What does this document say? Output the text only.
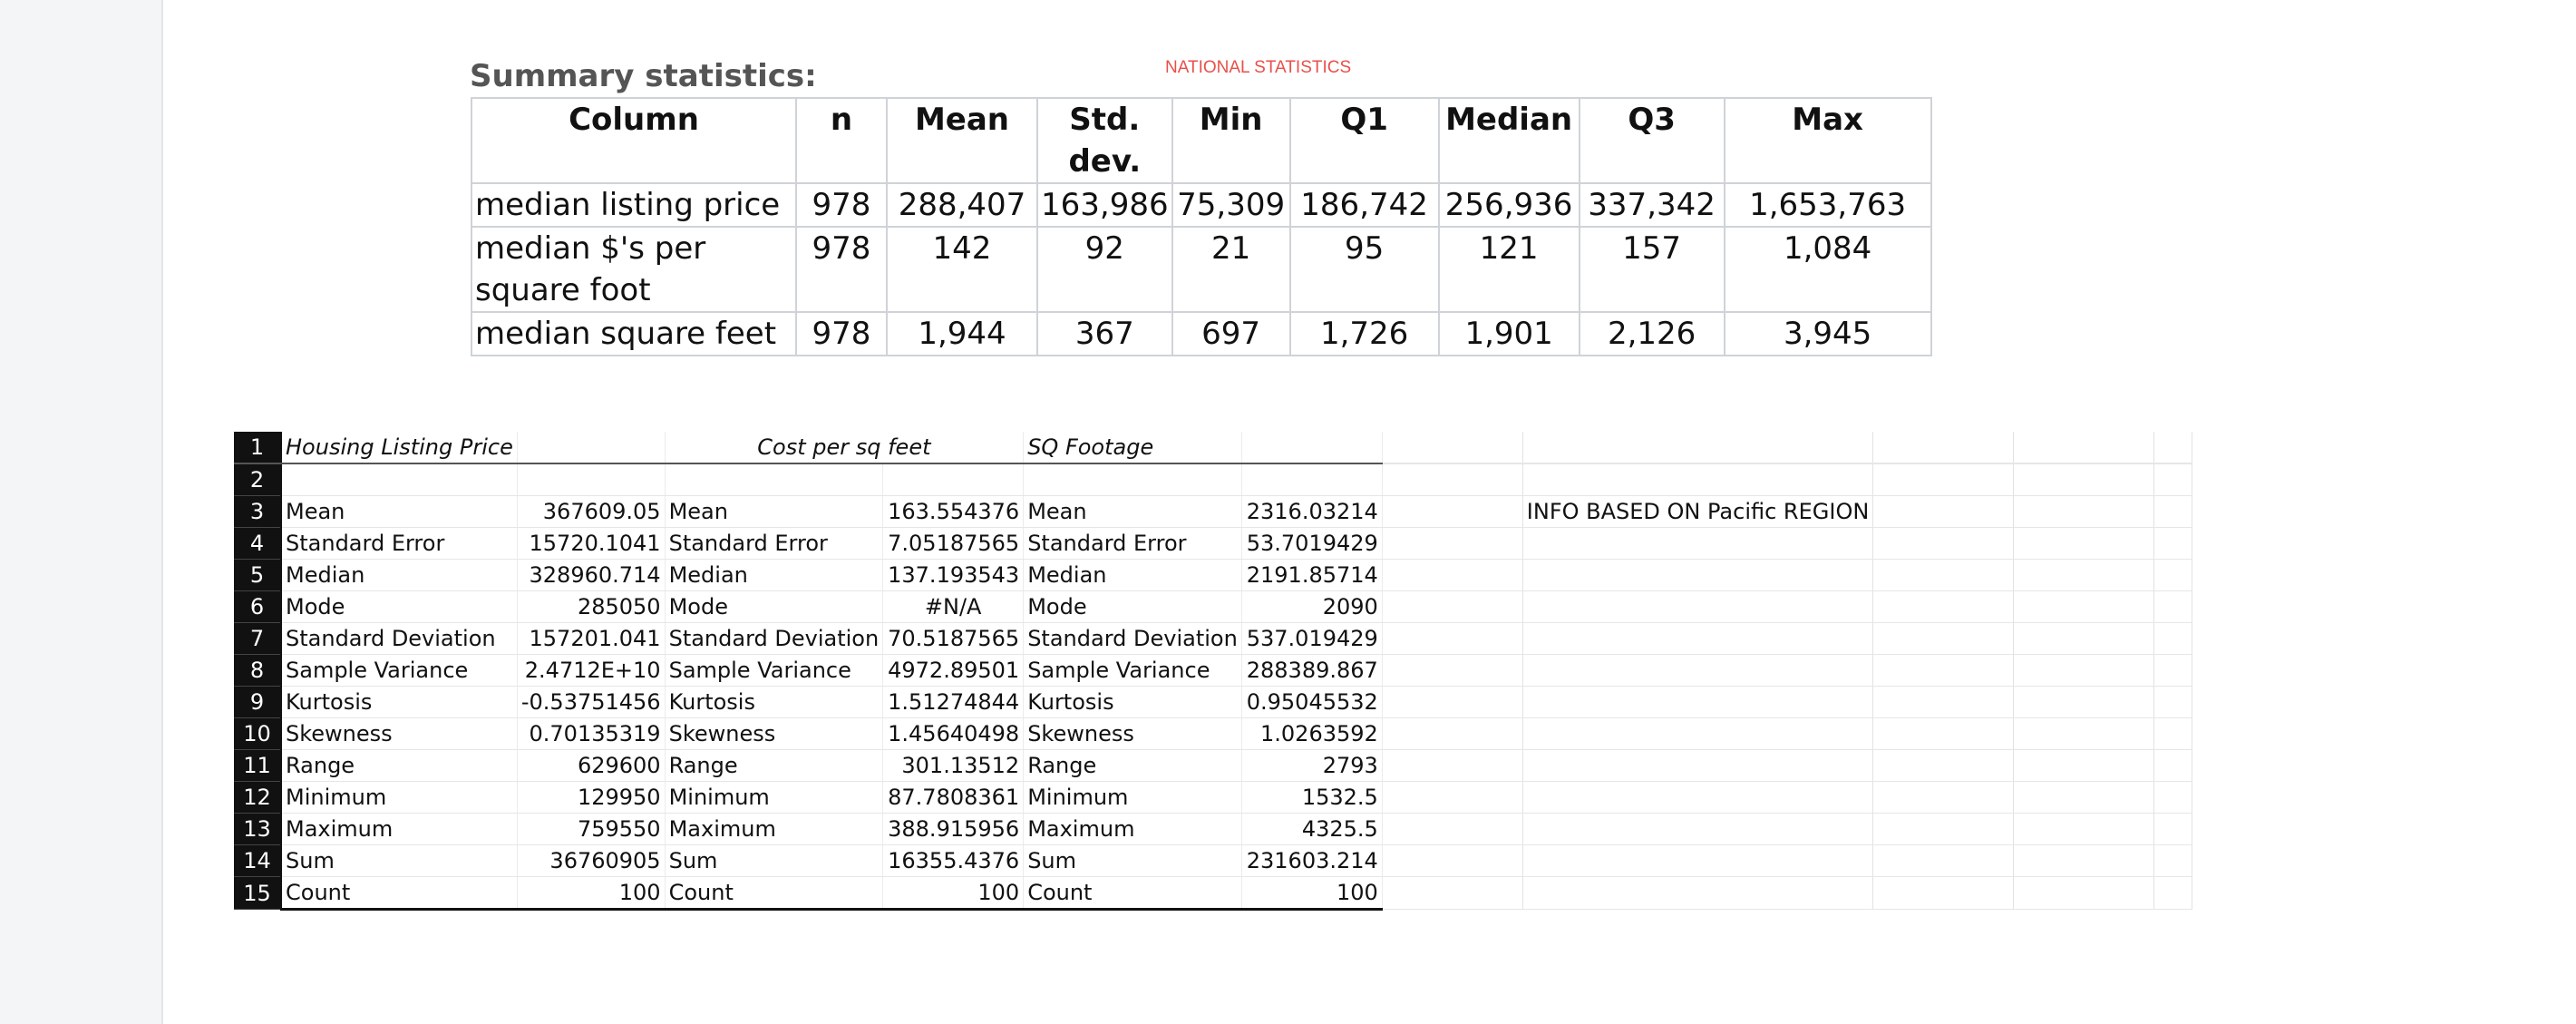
Summary statistics:	NATIONAL STATISTICS
Column	n	Mean	Std. dev.	Min	Q1	Median	Q3	Max
median listing price	978	288,407	163,986	75,309	186,742	256,936	337,342	1,653,763
median $'s per square foot	978	142	92	21	95	121	157	1,084
median square feet	978	1,944	367	697	1,726	1,901	2,126	3,945
1	Housing Listing Price		Cost per sq feet		SQ Footage						
2											
3	Mean	367609.05	Mean	163.554376	Mean	2316.03214		INFO BASED ON Pacific REGION			
4	Standard Error	15720.1041	Standard Error	7.05187565	Standard Error	53.7019429					
5	Median	328960.714	Median	137.193543	Median	2191.85714					
6	Mode	285050	Mode	#N/A	Mode	2090					
7	Standard Deviation	157201.041	Standard Deviation	70.5187565	Standard Deviation	537.019429					
8	Sample Variance	2.4712E+10	Sample Variance	4972.89501	Sample Variance	288389.867					
9	Kurtosis	-0.53751456	Kurtosis	1.51274844	Kurtosis	0.95045532					
10	Skewness	0.70135319	Skewness	1.45640498	Skewness	1.0263592					
11	Range	629600	Range	301.13512	Range	2793					
12	Minimum	129950	Minimum	87.7808361	Minimum	1532.5					
13	Maximum	759550	Maximum	388.915956	Maximum	4325.5					
14	Sum	36760905	Sum	16355.4376	Sum	231603.214					
15	Count	100	Count	100	Count	100					
